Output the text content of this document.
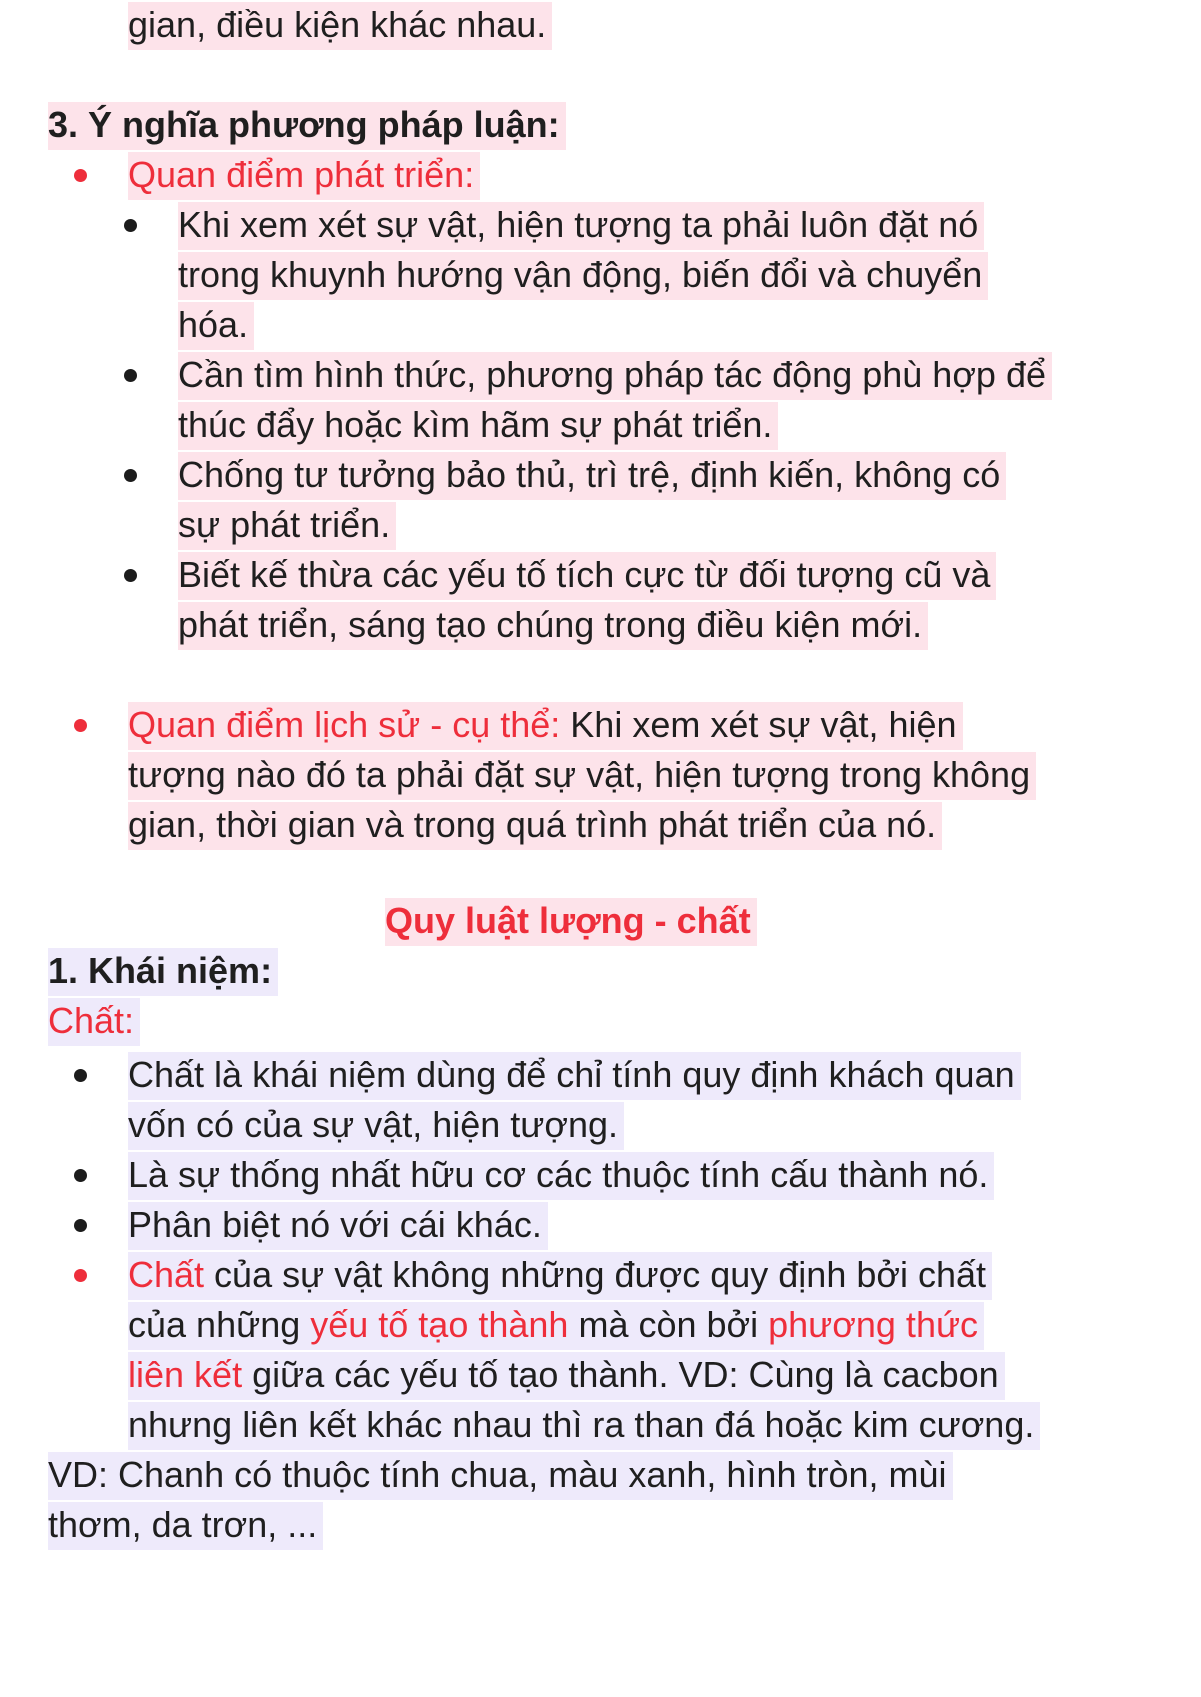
gian, điều kiện khác nhau.
3. Ý nghĩa phương pháp luận:
Quan điểm phát triển:
Khi xem xét sự vật, hiện tượng ta phải luôn đặt nó
trong khuynh hướng vận động, biến đổi và chuyển
hóa.
Cần tìm hình thức, phương pháp tác động phù hợp để
thúc đẩy hoặc kìm hãm sự phát triển.
Chống tư tưởng bảo thủ, trì trệ, định kiến, không có
sự phát triển.
Biết kế thừa các yếu tố tích cực từ đối tượng cũ và
phát triển, sáng tạo chúng trong điều kiện mới.
Quan điểm lịch sử - cụ thể: Khi xem xét sự vật, hiện
tượng nào đó ta phải đặt sự vật, hiện tượng trong không
gian, thời gian và trong quá trình phát triển của nó.
Quy luật lượng - chất
1. Khái niệm:
Chất:
Chất là khái niệm dùng để chỉ tính quy định khách quan
vốn có của sự vật, hiện tượng.
Là sự thống nhất hữu cơ các thuộc tính cấu thành nó.
Phân biệt nó với cái khác.
Chất của sự vật không những được quy định bởi chất
của những yếu tố tạo thành mà còn bởi phương thức
liên kết giữa các yếu tố tạo thành. VD: Cùng là cacbon
nhưng liên kết khác nhau thì ra than đá hoặc kim cương.
VD: Chanh có thuộc tính chua, màu xanh, hình tròn, mùi
thơm, da trơn, ...
